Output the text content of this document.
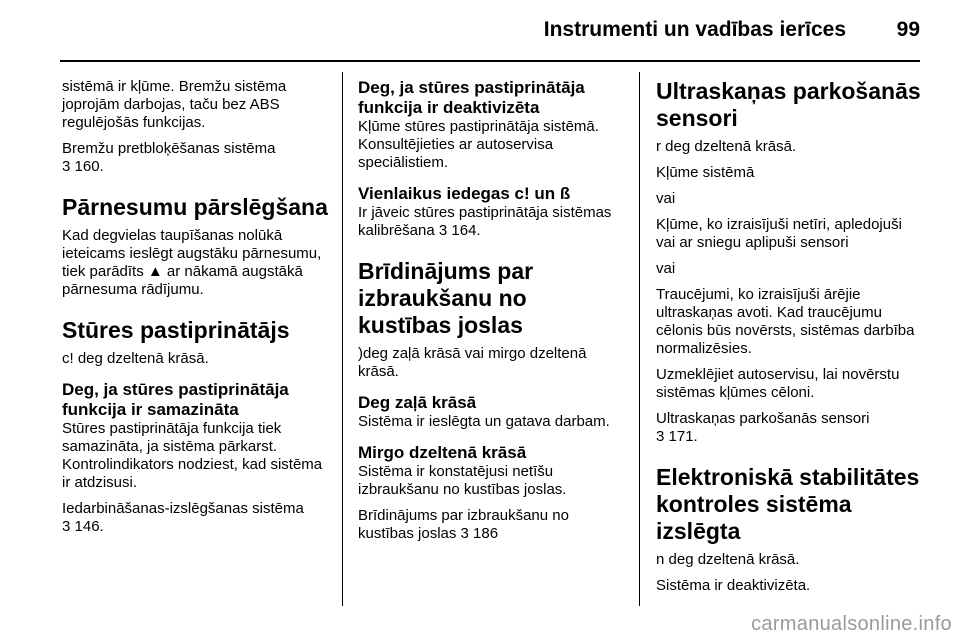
Instrumenti un vadības ierīces 99

sistēmā ir kļūme. Bremžu sistēma joprojām darbojas, taču bez ABS regulējošās funkcijas.

Bremžu pretbloķēšanas sistēma
3 160.

Pārnesumu pārslēgšana

Kad degvielas taupīšanas nolūkā ieteicams ieslēgt augstāku pārnesumu, tiek parādīts ▲ ar nākamā augstākā pārnesuma rādījumu.

Stūres pastiprinātājs

c! deg dzeltenā krāsā.

Deg, ja stūres pastiprinātāja funkcija ir samazināta

Stūres pastiprinātāja funkcija tiek samazināta, ja sistēma pārkarst. Kontrolindikators nodziest, kad sistēma ir atdzisusi.

Iedarbināšanas-izslēgšanas sistēma
3 146.

Deg, ja stūres pastiprinātāja funkcija ir deaktivizēta

Kļūme stūres pastiprinātāja sistēmā. Konsultējieties ar autoservisa speciālistiem.

Vienlaikus iedegas c! un ß

Ir jāveic stūres pastiprinātāja sistēmas kalibrēšana 3 164.

Brīdinājums par izbraukšanu no kustības joslas

)deg zaļā krāsā vai mirgo dzeltenā krāsā.

Deg zaļā krāsā

Sistēma ir ieslēgta un gatava darbam.

Mirgo dzeltenā krāsā

Sistēma ir konstatējusi netīšu izbraukšanu no kustības joslas.

Brīdinājums par izbraukšanu no kustības joslas 3 186

Ultraskaņas parkošanās sensori

r deg dzeltenā krāsā.

Kļūme sistēmā

vai

Kļūme, ko izraisījuši netīri, apledojuši vai ar sniegu aplipuši sensori

vai

Traucējumi, ko izraisījuši ārējie ultraskaņas avoti. Kad traucējumu cēlonis būs novērsts, sistēmas darbība normalizēsies.

Uzmeklējiet autoservisu, lai novērstu sistēmas kļūmes cēloni.

Ultraskaņas parkošanās sensori
3 171.

Elektroniskā stabilitātes kontroles sistēma izslēgta

n deg dzeltenā krāsā.

Sistēma ir deaktivizēta.

carmanualsonline.info
